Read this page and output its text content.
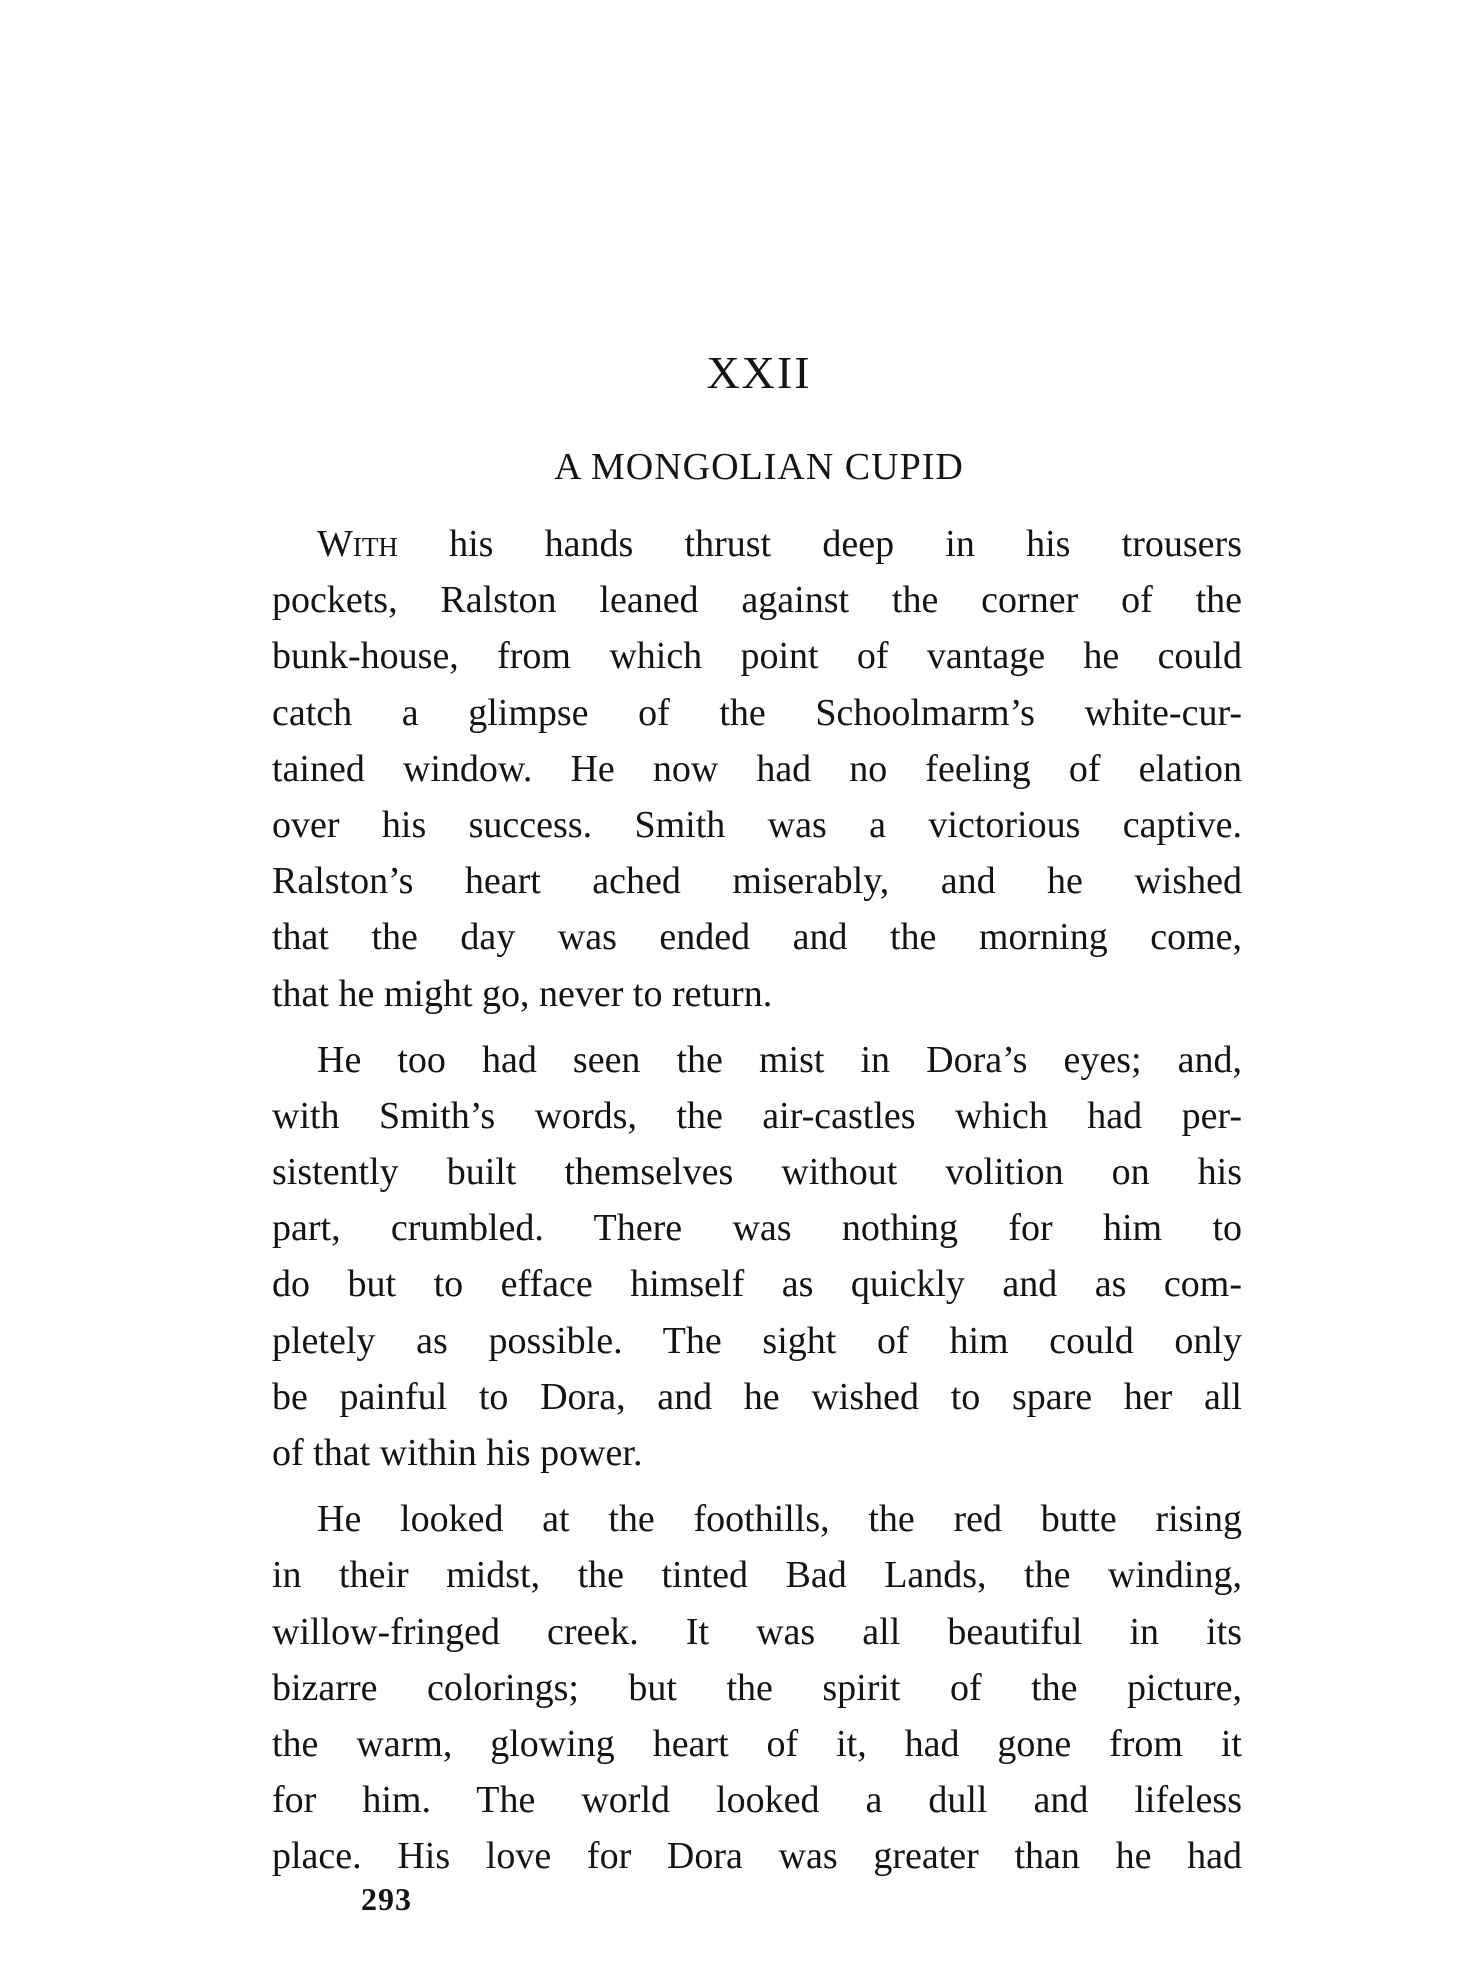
XXII
A MONGOLIAN CUPID
With his hands thrust deep in his trousers
pockets, Ralston leaned against the corner of the
bunk-house, from which point of vantage he could
catch a glimpse of the Schoolmarm’s white-cur-
tained window. He now had no feeling of elation
over his success. Smith was a victorious captive.
Ralston’s heart ached miserably, and he wished
that the day was ended and the morning come,
that he might go, never to return.
He too had seen the mist in Dora’s eyes; and,
with Smith’s words, the air-castles which had per-
sistently built themselves without volition on his
part, crumbled. There was nothing for him to
do but to efface himself as quickly and as com-
pletely as possible. The sight of him could only
be painful to Dora, and he wished to spare her all
of that within his power.
He looked at the foothills, the red butte rising
in their midst, the tinted Bad Lands, the winding,
willow-fringed creek. It was all beautiful in its
bizarre colorings; but the spirit of the picture,
the warm, glowing heart of it, had gone from it
for him. The world looked a dull and lifeless
place. His love for Dora was greater than he had
293
